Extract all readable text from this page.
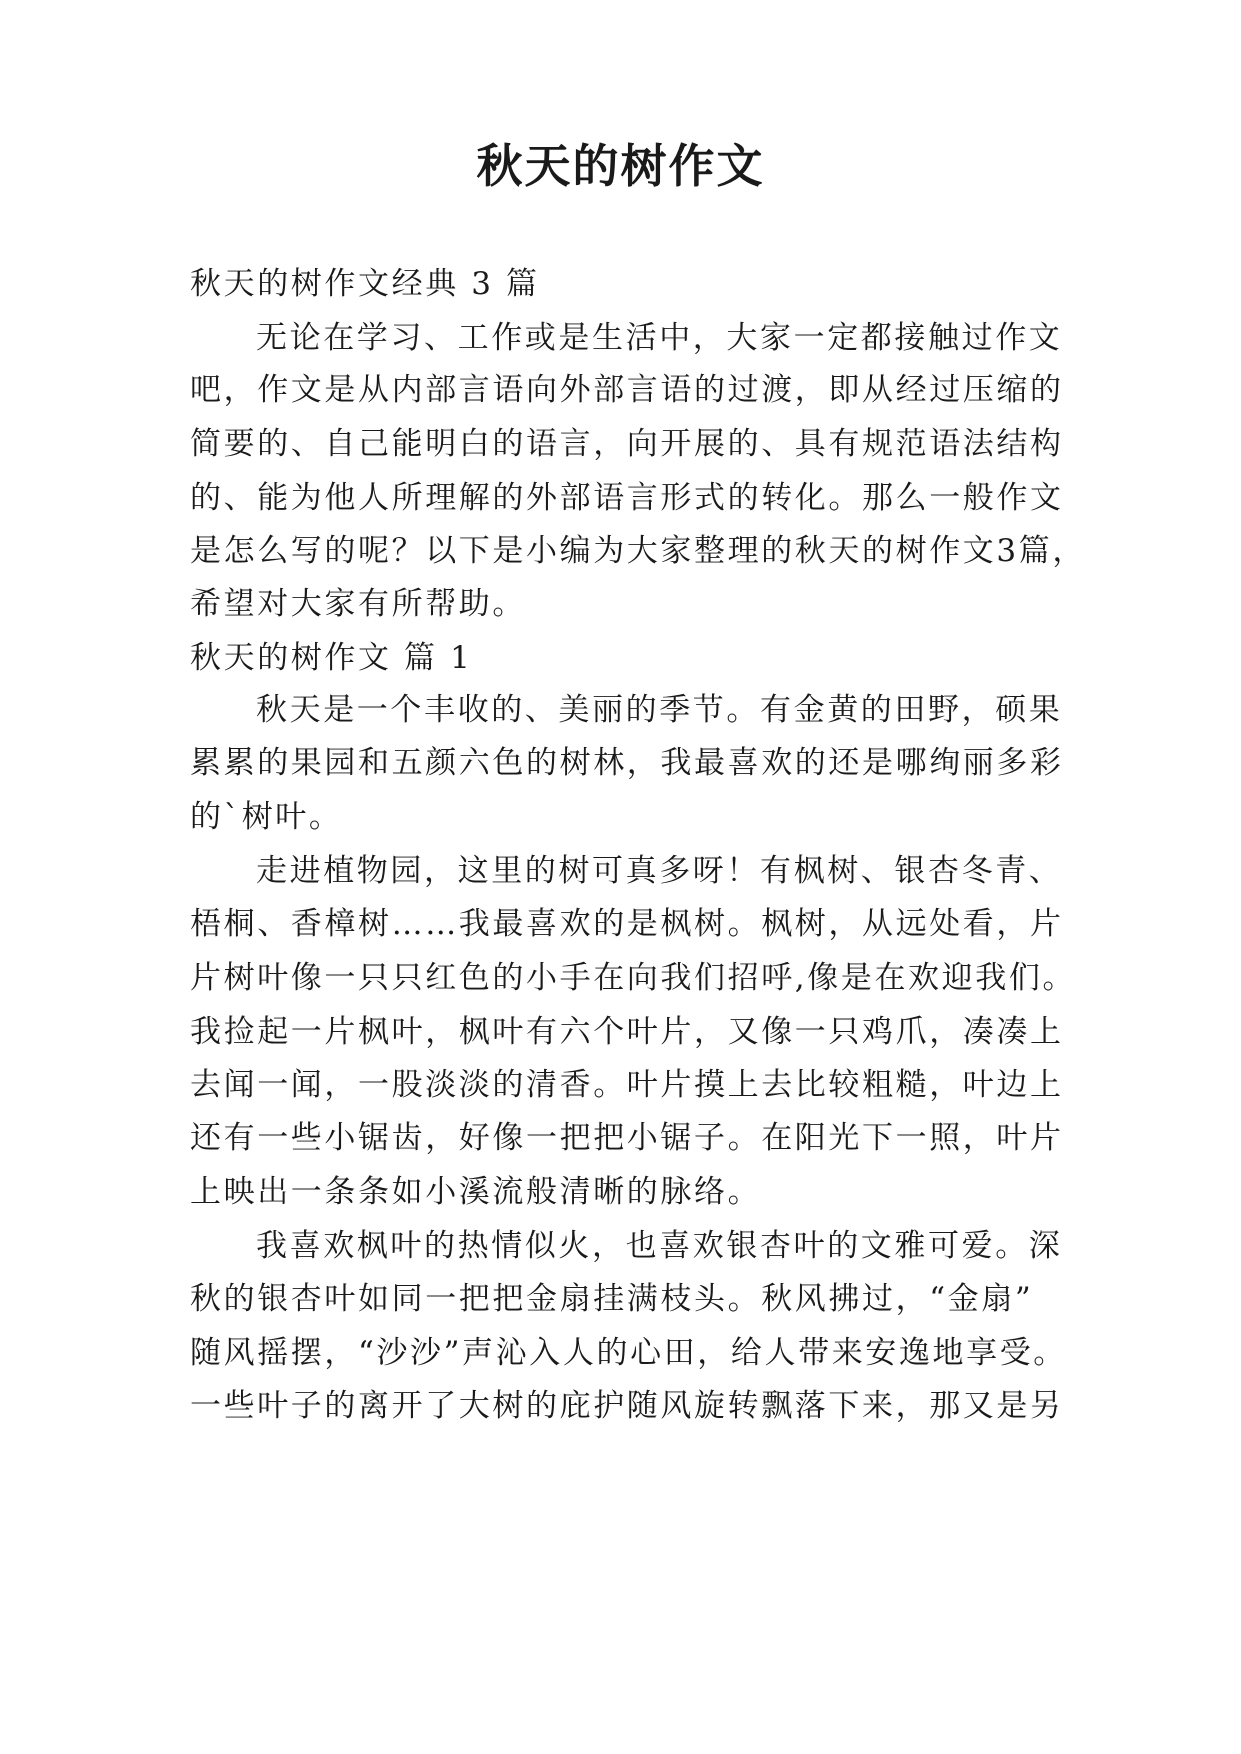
秋天的树作文
秋天的树作文经典 3 篇
无论在学习、工作或是生活中，大家一定都接触过作文
吧，作文是从内部言语向外部言语的过渡，即从经过压缩的
简要的、自己能明白的语言，向开展的、具有规范语法结构
的、能为他人所理解的外部语言形式的转化。那么一般作文
是怎么写的呢？以下是小编为大家整理的秋天的树作文3篇，
希望对大家有所帮助。
秋天的树作文 篇 1
秋天是一个丰收的、美丽的季节。有金黄的田野，硕果
累累的果园和五颜六色的树林，我最喜欢的还是哪绚丽多彩
的`树叶。
走进植物园，这里的树可真多呀！有枫树、银杏冬青、
梧桐、香樟树……我最喜欢的是枫树。枫树，从远处看，片
片树叶像一只只红色的小手在向我们招呼,像是在欢迎我们。
我捡起一片枫叶，枫叶有六个叶片，又像一只鸡爪，凑凑上
去闻一闻，一股淡淡的清香。叶片摸上去比较粗糙，叶边上
还有一些小锯齿，好像一把把小锯子。在阳光下一照，叶片
上映出一条条如小溪流般清晰的脉络。
我喜欢枫叶的热情似火，也喜欢银杏叶的文雅可爱。深
秋的银杏叶如同一把把金扇挂满枝头。秋风拂过，“金扇”
随风摇摆，“沙沙”声沁入人的心田，给人带来安逸地享受。
一些叶子的离开了大树的庇护随风旋转飘落下来，那又是另
